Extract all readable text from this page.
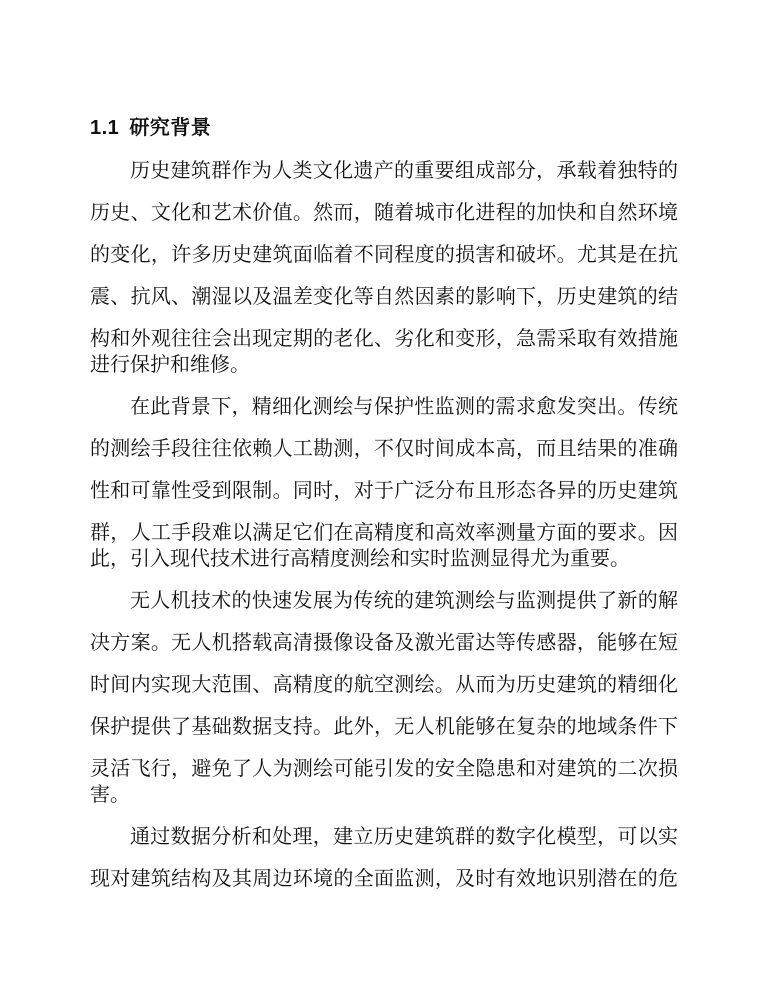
1.1 研究背景
历史建筑群作为人类文化遗产的重要组成部分，承载着独特的
历史、文化和艺术价值。然而，随着城市化进程的加快和自然环境
的变化，许多历史建筑面临着不同程度的损害和破坏。尤其是在抗
震、抗风、潮湿以及温差变化等自然因素的影响下，历史建筑的结
构和外观往往会出现定期的老化、劣化和变形，急需采取有效措施
进行保护和维修。
在此背景下，精细化测绘与保护性监测的需求愈发突出。传统
的测绘手段往往依赖人工勘测，不仅时间成本高，而且结果的准确
性和可靠性受到限制。同时，对于广泛分布且形态各异的历史建筑
群，人工手段难以满足它们在高精度和高效率测量方面的要求。因
此，引入现代技术进行高精度测绘和实时监测显得尤为重要。
无人机技术的快速发展为传统的建筑测绘与监测提供了新的解
决方案。无人机搭载高清摄像设备及激光雷达等传感器，能够在短
时间内实现大范围、高精度的航空测绘。从而为历史建筑的精细化
保护提供了基础数据支持。此外，无人机能够在复杂的地域条件下
灵活飞行，避免了人为测绘可能引发的安全隐患和对建筑的二次损
害。
通过数据分析和处理，建立历史建筑群的数字化模型，可以实
现对建筑结构及其周边环境的全面监测，及时有效地识别潜在的危
